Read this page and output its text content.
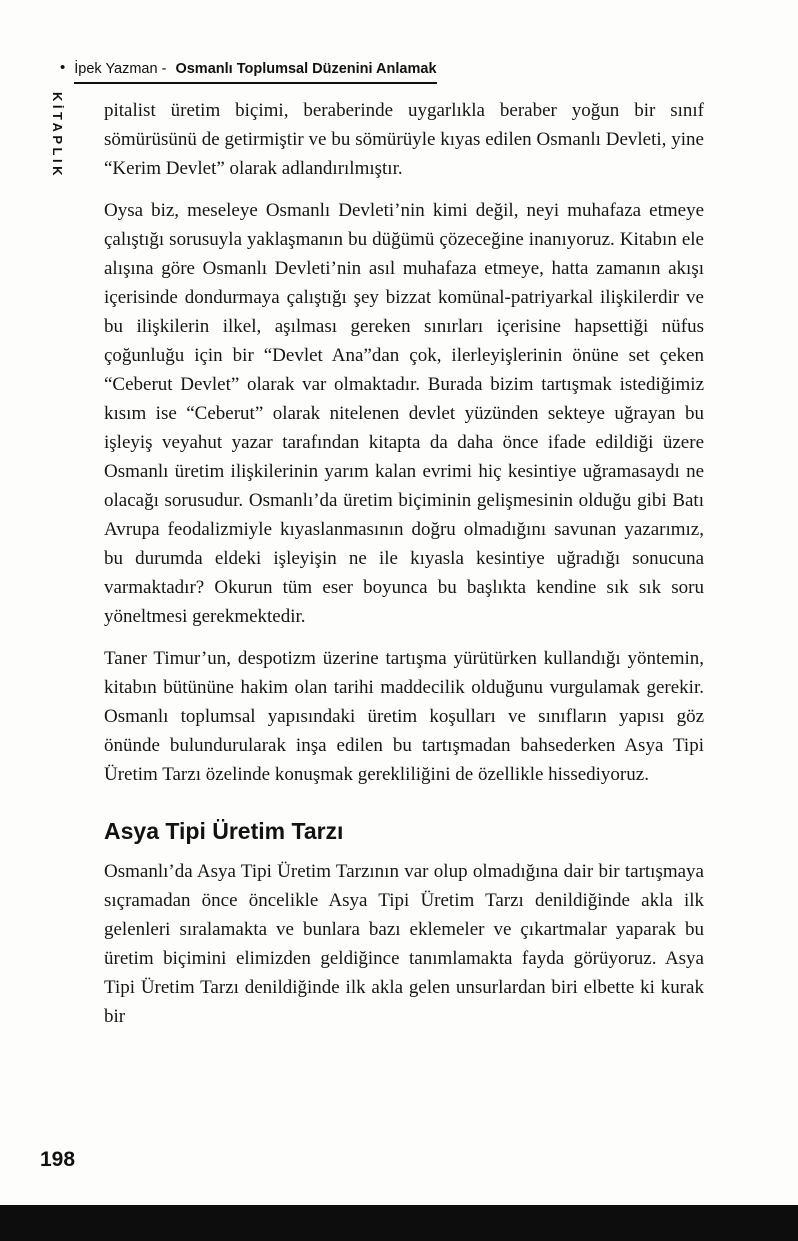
• İpek Yazman - Osmanlı Toplumsal Düzenini Anlamak
KİTAPLIK pitalist üretim biçimi, beraberinde uygarlıkla beraber yoğun bir sınıf sömürüsünü de getirmiştir ve bu sömürüyle kıyas edilen Osmanlı Devleti, yine “Kerim Devlet” olarak adlandırılmıştır.

Oysa biz, meseleye Osmanlı Devleti’nin kimi değil, neyi muhafaza etmeye çalıştığı sorusuyla yaklaşmanın bu düğümü çözeceğine inanıyoruz. Kitabın ele alışına göre Osmanlı Devleti’nin asıl muhafaza etmeye, hatta zamanın akışı içerisinde dondurmaya çalıştığı şey bizzat komünal-patriyarkal ilişkilerdir ve bu ilişkilerin ilkel, aşılması gereken sınırları içerisine hapsettiği nüfus çoğunluğu için bir “Devlet Ana”dan çok, ilerleyişlerinin önüne set çeken “Ceberut Devlet” olarak var olmaktadır. Burada bizim tartışmak istediğimiz kısım ise “Ceberut” olarak nitelenen devlet yüzünden sekteye uğrayan bu işleyiş veyahut yazar tarafından kitapta da daha önce ifade edildiği üzere Osmanlı üretim ilişkilerinin yarım kalan evrimi hiç kesintiye uğramasaydı ne olacağı sorusudur. Osmanlı’da üretim biçiminin gelişmesinin olduğu gibi Batı Avrupa feodalizmiyle kıyaslanmasının doğru olmadığını savunan yazarımız, bu durumda eldeki işleyişin ne ile kıyasla kesintiye uğradığı sonucuna varmaktadır? Okurun tüm eser boyunca bu başlıkta kendine sık sık soru yöneltmesi gerekmektedir.

Taner Timur’un, despotizm üzerine tartışma yürütürken kullandığı yöntemin, kitabın bütününe hakim olan tarihi maddecilik olduğunu vurgulamak gerekir. Osmanlı toplumsal yapısındaki üretim koşulları ve sınıfların yapısı göz önünde bulundurularak inşa edilen bu tartışmadan bahsederken Asya Tipi Üretim Tarzı özelinde konuşmak gerekliliğini de özellikle hissediyoruz.

Asya Tipi Üretim Tarzı

Osmanlı’da Asya Tipi Üretim Tarzının var olup olmadığına dair bir tartışmaya sıçramadan önce öncelikle Asya Tipi Üretim Tarzı denildiğinde akla ilk gelenleri sıralamakta ve bunlara bazı eklemeler ve çıkartmalar yaparak bu üretim biçimini elimizden geldiğince tanımlamakta fayda görüyoruz. Asya Tipi Üretim Tarzı denildiğinde ilk akla gelen unsurlardan biri elbette ki kurak bir

198
